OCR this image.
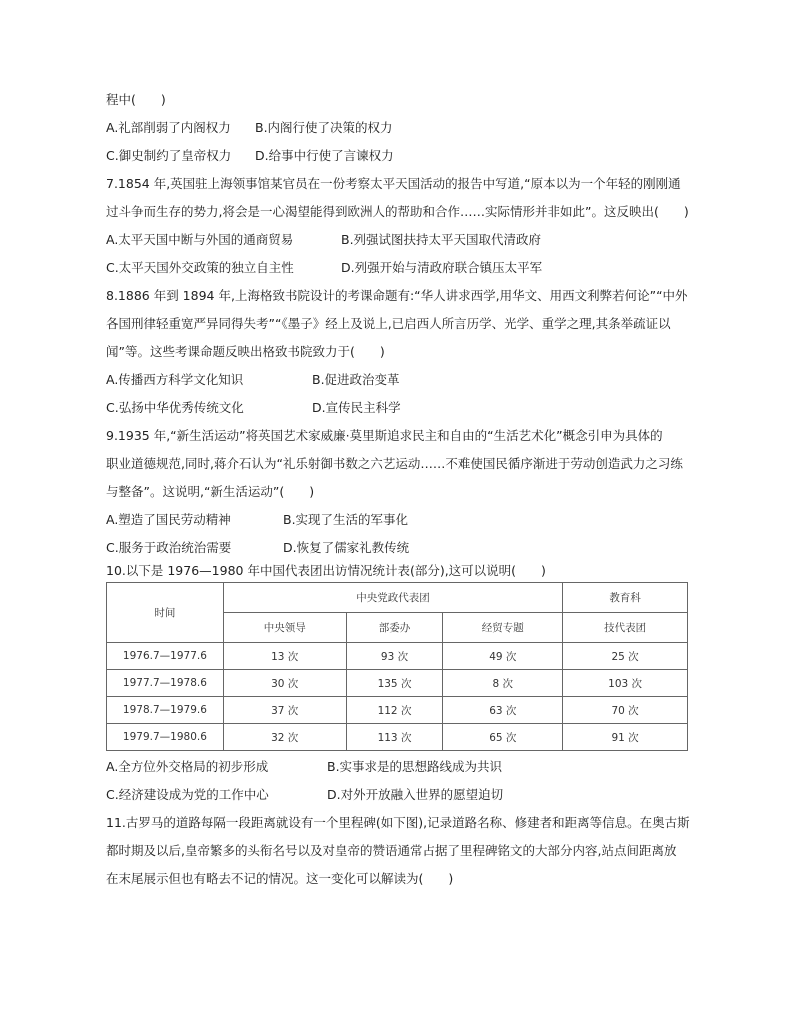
程中(　　)
A.礼部削弱了内阁权力 B.内阁行使了决策的权力
C.御史制约了皇帝权力 D.给事中行使了言谏权力
7.1854 年,英国驻上海领事馆某官员在一份考察太平天国活动的报告中写道,“原本以为一个年轻的刚刚通
过斗争而生存的势力,将会是一心渴望能得到欧洲人的帮助和合作……实际情形并非如此”。这反映出(　　)
A.太平天国中断与外国的通商贸易	B.列强试图扶持太平天国取代清政府
C.太平天国外交政策的独立自主性	D.列强开始与清政府联合镇压太平军
8.1886 年到 1894 年,上海格致书院设计的考课命题有:“华人讲求西学,用华文、用西文利弊若何论”“中外
各国刑律轻重宽严异同得失考”“《墨子》经上及说上,已启西人所言历学、光学、重学之理,其条举疏证以
闻”等。这些考课命题反映出格致书院致力于(　　)
A.传播西方科学文化知识	B.促进政治变革
C.弘扬中华优秀传统文化	D.宣传民主科学
9.1935 年,“新生活运动”将英国艺术家威廉·莫里斯追求民主和自由的“生活艺术化”概念引申为具体的
职业道德规范,同时,蒋介石认为“礼乐射御书数之六艺运动……不难使国民循序渐进于劳动创造武力之习练
与整备”。这说明,“新生活运动”(　　)
A.塑造了国民劳动精神	B.实现了生活的军事化
C.服务于政治统治需要	D.恢复了儒家礼教传统
10.以下是 1976—1980 年中国代表团出访情况统计表(部分),这可以说明(　　)
时间	中央党政代表团			教育科
	中央领导	部委办	经贸专题	技代表团
1976.7—1977.6	13 次	93 次	49 次	25 次
1977.7—1978.6	30 次	135 次	8 次	103 次
1978.7—1979.6	37 次	112 次	63 次	70 次
1979.7—1980.6	32 次	113 次	65 次	91 次
A.全方位外交格局的初步形成	B.实事求是的思想路线成为共识
C.经济建设成为党的工作中心	D.对外开放融入世界的愿望迫切
11.古罗马的道路每隔一段距离就设有一个里程碑(如下图),记录道路名称、修建者和距离等信息。在奥古斯
都时期及以后,皇帝繁多的头衔名号以及对皇帝的赞语通常占据了里程碑铭文的大部分内容,站点间距离放
在末尾展示但也有略去不记的情况。这一变化可以解读为(　　)
